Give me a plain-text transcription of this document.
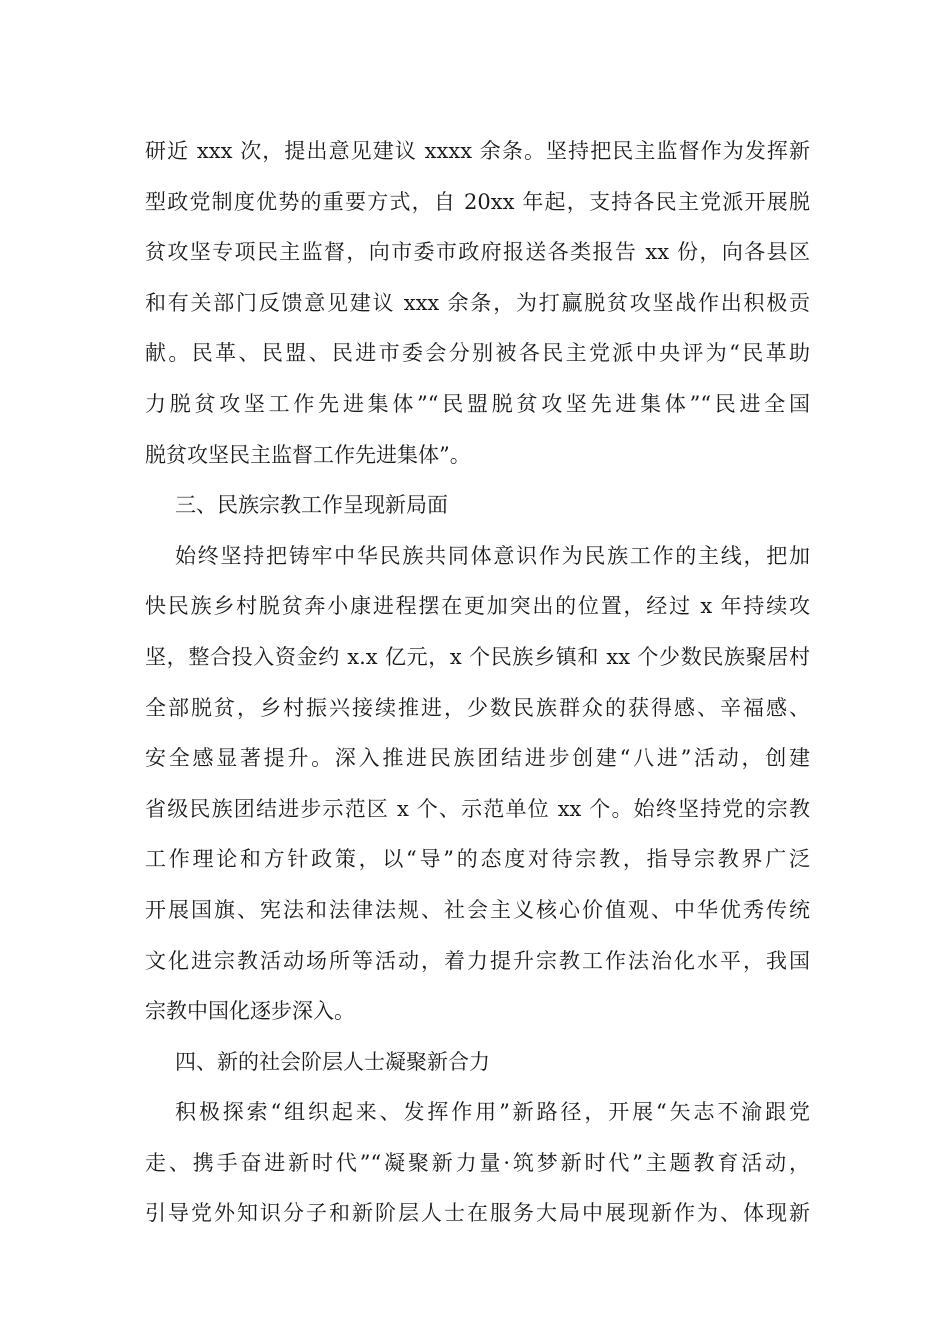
研近 xxx 次，提出意见建议 xxxx 余条。坚持把民主监督作为发挥新
型政党制度优势的重要方式，自 20xx 年起，支持各民主党派开展脱
贫攻坚专项民主监督，向市委市政府报送各类报告 xx 份，向各县区
和有关部门反馈意见建议 xxx 余条，为打赢脱贫攻坚战作出积极贡
献。民革、民盟、民进市委会分别被各民主党派中央评为“民革助
力脱贫攻坚工作先进集体”“民盟脱贫攻坚先进集体”“民进全国
脱贫攻坚民主监督工作先进集体”。
三、民族宗教工作呈现新局面
始终坚持把铸牢中华民族共同体意识作为民族工作的主线，把加
快民族乡村脱贫奔小康进程摆在更加突出的位置，经过 x 年持续攻
坚，整合投入资金约 x.x 亿元，x 个民族乡镇和 xx 个少数民族聚居村
全部脱贫，乡村振兴接续推进，少数民族群众的获得感、辛福感、
安全感显著提升。深入推进民族团结进步创建“八进”活动，创建
省级民族团结进步示范区 x 个、示范单位 xx 个。始终坚持党的宗教
工作理论和方针政策，以“导”的态度对待宗教，指导宗教界广泛
开展国旗、宪法和法律法规、社会主义核心价值观、中华优秀传统
文化进宗教活动场所等活动，着力提升宗教工作法治化水平，我国
宗教中国化逐步深入。
四、新的社会阶层人士凝聚新合力
积极探索“组织起来、发挥作用”新路径，开展“矢志不渝跟党
走、携手奋进新时代”“凝聚新力量·筑梦新时代”主题教育活动，
引导党外知识分子和新阶层人士在服务大局中展现新作为、体现新
